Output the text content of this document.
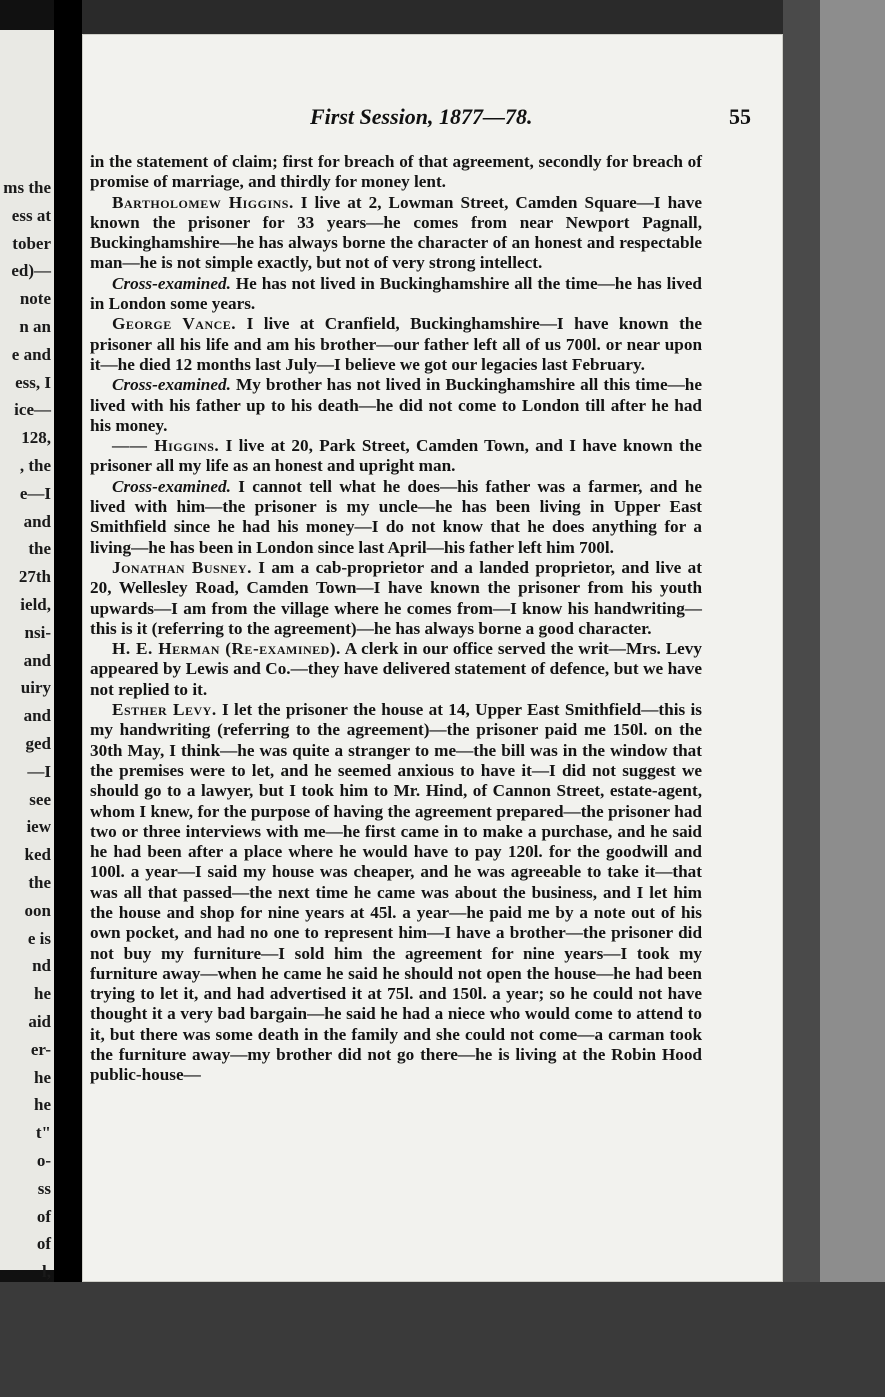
ms the
ess at
tober
ed)—
note
n an
e and
ess, I
ice—
128,
, the
e—I
and
the
27th
ield,
nsi-
and
uiry
and
ged
—I
see
iew
ked
the
oon
e is
nd
he
aid
er-
he
he
t"
o-
ss
of
of
l,
First Session, 1877—78.	55

in the statement of claim; first for breach of that agreement, secondly for breach of promise of marriage, and thirdly for money lent.

Bartholomew Higgins. I live at 2, Lowman Street, Camden Square—I have known the prisoner for 33 years—he comes from near Newport Pagnall, Buckinghamshire—he has always borne the character of an honest and respectable man—he is not simple exactly, but not of very strong intellect.

Cross-examined. He has not lived in Buckinghamshire all the time—he has lived in London some years.

George Vance. I live at Cranfield, Buckinghamshire—I have known the prisoner all his life and am his brother—our father left all of us 700l. or near upon it—he died 12 months last July—I believe we got our legacies last February.

Cross-examined. My brother has not lived in Buckinghamshire all this time—he lived with his father up to his death—he did not come to London till after he had his money.

—— Higgins. I live at 20, Park Street, Camden Town, and I have known the prisoner all my life as an honest and upright man.

Cross-examined. I cannot tell what he does—his father was a farmer, and he lived with him—the prisoner is my uncle—he has been living in Upper East Smithfield since he had his money—I do not know that he does anything for a living—he has been in London since last April—his father left him 700l.

Jonathan Busney. I am a cab-proprietor and a landed proprietor, and live at 20, Wellesley Road, Camden Town—I have known the prisoner from his youth upwards—I am from the village where he comes from—I know his handwriting—this is it (referring to the agreement)—he has always borne a good character.

H. E. Herman (Re-examined). A clerk in our office served the writ—Mrs. Levy appeared by Lewis and Co.—they have delivered statement of defence, but we have not replied to it.

Esther Levy. I let the prisoner the house at 14, Upper East Smithfield—this is my handwriting (referring to the agreement)—the prisoner paid me 150l. on the 30th May, I think—he was quite a stranger to me—the bill was in the window that the premises were to let, and he seemed anxious to have it—I did not suggest we should go to a lawyer, but I took him to Mr. Hind, of Cannon Street, estate-agent, whom I knew, for the purpose of having the agreement prepared—the prisoner had two or three interviews with me—he first came in to make a purchase, and he said he had been after a place where he would have to pay 120l. for the goodwill and 100l. a year—I said my house was cheaper, and he was agreeable to take it—that was all that passed—the next time he came was about the business, and I let him the house and shop for nine years at 45l. a year—he paid me by a note out of his own pocket, and had no one to represent him—I have a brother—the prisoner did not buy my furniture—I sold him the agreement for nine years—I took my furniture away—when he came he said he should not open the house—he had been trying to let it, and had advertised it at 75l. and 150l. a year; so he could not have thought it a very bad bargain—he said he had a niece who would come to attend to it, but there was some death in the family and she could not come—a carman took the furniture away—my brother did not go there—he is living at the Robin Hood public-house—
